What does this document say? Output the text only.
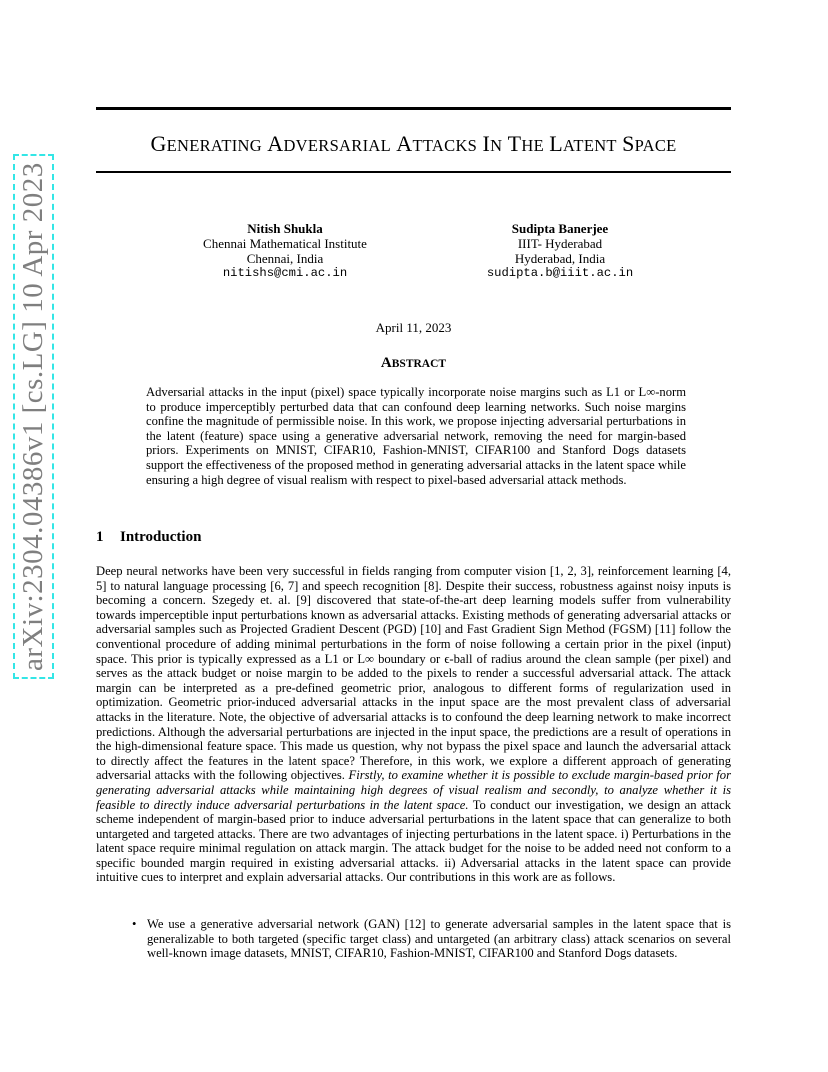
arXiv:2304.04386v1 [cs.LG] 10 Apr 2023
GENERATING ADVERSARIAL ATTACKS IN THE LATENT SPACE
Nitish Shukla
Chennai Mathematical Institute
Chennai, India
nitishs@cmi.ac.in
Sudipta Banerjee
IIIT- Hyderabad
Hyderabad, India
sudipta.b@iiit.ac.in
April 11, 2023
ABSTRACT
Adversarial attacks in the input (pixel) space typically incorporate noise margins such as L1 or L∞-norm to produce imperceptibly perturbed data that can confound deep learning networks. Such noise margins confine the magnitude of permissible noise. In this work, we propose injecting adversarial perturbations in the latent (feature) space using a generative adversarial network, removing the need for margin-based priors. Experiments on MNIST, CIFAR10, Fashion-MNIST, CIFAR100 and Stanford Dogs datasets support the effectiveness of the proposed method in generating adversarial attacks in the latent space while ensuring a high degree of visual realism with respect to pixel-based adversarial attack methods.
1 Introduction
Deep neural networks have been very successful in fields ranging from computer vision [1, 2, 3], reinforcement learning [4, 5] to natural language processing [6, 7] and speech recognition [8]. Despite their success, robustness against noisy inputs is becoming a concern. Szegedy et. al. [9] discovered that state-of-the-art deep learning models suffer from vulnerability towards imperceptible input perturbations known as adversarial attacks. Existing methods of generating adversarial attacks or adversarial samples such as Projected Gradient Descent (PGD) [10] and Fast Gradient Sign Method (FGSM) [11] follow the conventional procedure of adding minimal perturbations in the form of noise following a certain prior in the pixel (input) space. This prior is typically expressed as a L1 or L∞ boundary or ϵ-ball of radius around the clean sample (per pixel) and serves as the attack budget or noise margin to be added to the pixels to render a successful adversarial attack. The attack margin can be interpreted as a pre-defined geometric prior, analogous to different forms of regularization used in optimization. Geometric prior-induced adversarial attacks in the input space are the most prevalent class of adversarial attacks in the literature. Note, the objective of adversarial attacks is to confound the deep learning network to make incorrect predictions. Although the adversarial perturbations are injected in the input space, the predictions are a result of operations in the high-dimensional feature space. This made us question, why not bypass the pixel space and launch the adversarial attack to directly affect the features in the latent space? Therefore, in this work, we explore a different approach of generating adversarial attacks with the following objectives. Firstly, to examine whether it is possible to exclude margin-based prior for generating adversarial attacks while maintaining high degrees of visual realism and secondly, to analyze whether it is feasible to directly induce adversarial perturbations in the latent space. To conduct our investigation, we design an attack scheme independent of margin-based prior to induce adversarial perturbations in the latent space that can generalize to both untargeted and targeted attacks. There are two advantages of injecting perturbations in the latent space. i) Perturbations in the latent space require minimal regulation on attack margin. The attack budget for the noise to be added need not conform to a specific bounded margin required in existing adversarial attacks. ii) Adversarial attacks in the latent space can provide intuitive cues to interpret and explain adversarial attacks. Our contributions in this work are as follows.
• We use a generative adversarial network (GAN) [12] to generate adversarial samples in the latent space that is generalizable to both targeted (specific target class) and untargeted (an arbitrary class) attack scenarios on several well-known image datasets, MNIST, CIFAR10, Fashion-MNIST, CIFAR100 and Stanford Dogs datasets.
